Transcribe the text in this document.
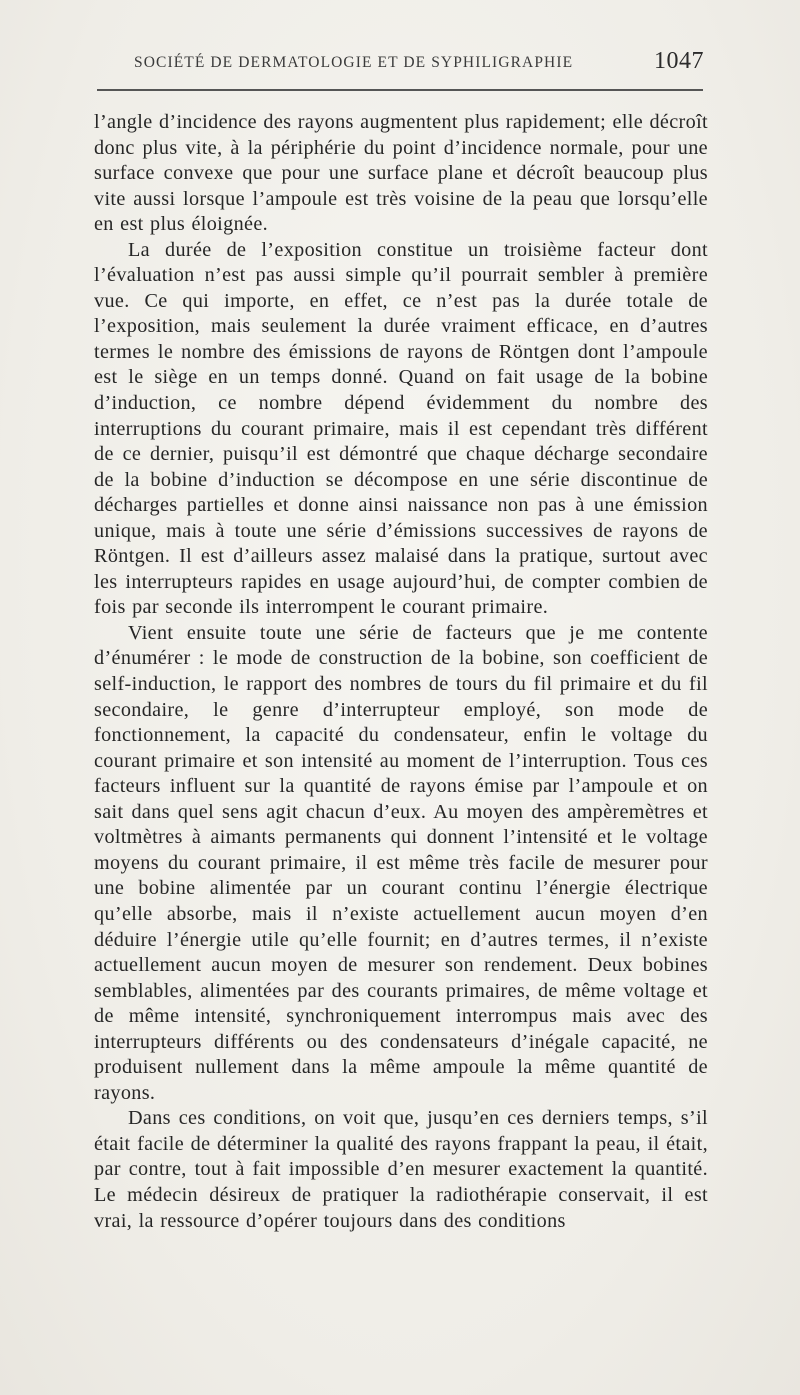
SOCIÉTÉ DE DERMATOLOGIE ET DE SYPHILIGRAPHIE	1047

l’angle d’incidence des rayons augmentent plus rapidement; elle décroît donc plus vite, à la périphérie du point d’incidence normale, pour une surface convexe que pour une surface plane et décroît beaucoup plus vite aussi lorsque l’ampoule est très voisine de la peau que lorsqu’elle en est plus éloignée.

La durée de l’exposition constitue un troisième facteur dont l’évaluation n’est pas aussi simple qu’il pourrait sembler à première vue. Ce qui importe, en effet, ce n’est pas la durée totale de l’exposition, mais seulement la durée vraiment efficace, en d’autres termes le nombre des émissions de rayons de Röntgen dont l’ampoule est le siège en un temps donné. Quand on fait usage de la bobine d’induction, ce nombre dépend évidemment du nombre des interruptions du courant primaire, mais il est cependant très différent de ce dernier, puisqu’il est démontré que chaque décharge secondaire de la bobine d’induction se décompose en une série discontinue de décharges partielles et donne ainsi naissance non pas à une émission unique, mais à toute une série d’émissions successives de rayons de Röntgen. Il est d’ailleurs assez malaisé dans la pratique, surtout avec les interrupteurs rapides en usage aujourd’hui, de compter combien de fois par seconde ils interrompent le courant primaire.

Vient ensuite toute une série de facteurs que je me contente d’énumérer : le mode de construction de la bobine, son coefficient de self-induction, le rapport des nombres de tours du fil primaire et du fil secondaire, le genre d’interrupteur employé, son mode de fonctionnement, la capacité du condensateur, enfin le voltage du courant primaire et son intensité au moment de l’interruption. Tous ces facteurs influent sur la quantité de rayons émise par l’ampoule et on sait dans quel sens agit chacun d’eux. Au moyen des ampèremètres et voltmètres à aimants permanents qui donnent l’intensité et le voltage moyens du courant primaire, il est même très facile de mesurer pour une bobine alimentée par un courant continu l’énergie électrique qu’elle absorbe, mais il n’existe actuellement aucun moyen d’en déduire l’énergie utile qu’elle fournit; en d’autres termes, il n’existe actuellement aucun moyen de mesurer son rendement. Deux bobines semblables, alimentées par des courants primaires, de même voltage et de même intensité, synchroniquement interrompus mais avec des interrupteurs différents ou des condensateurs d’inégale capacité, ne produisent nullement dans la même ampoule la même quantité de rayons.

Dans ces conditions, on voit que, jusqu’en ces derniers temps, s’il était facile de déterminer la qualité des rayons frappant la peau, il était, par contre, tout à fait impossible d’en mesurer exactement la quantité. Le médecin désireux de pratiquer la radiothérapie conservait, il est vrai, la ressource d’opérer toujours dans des conditions
